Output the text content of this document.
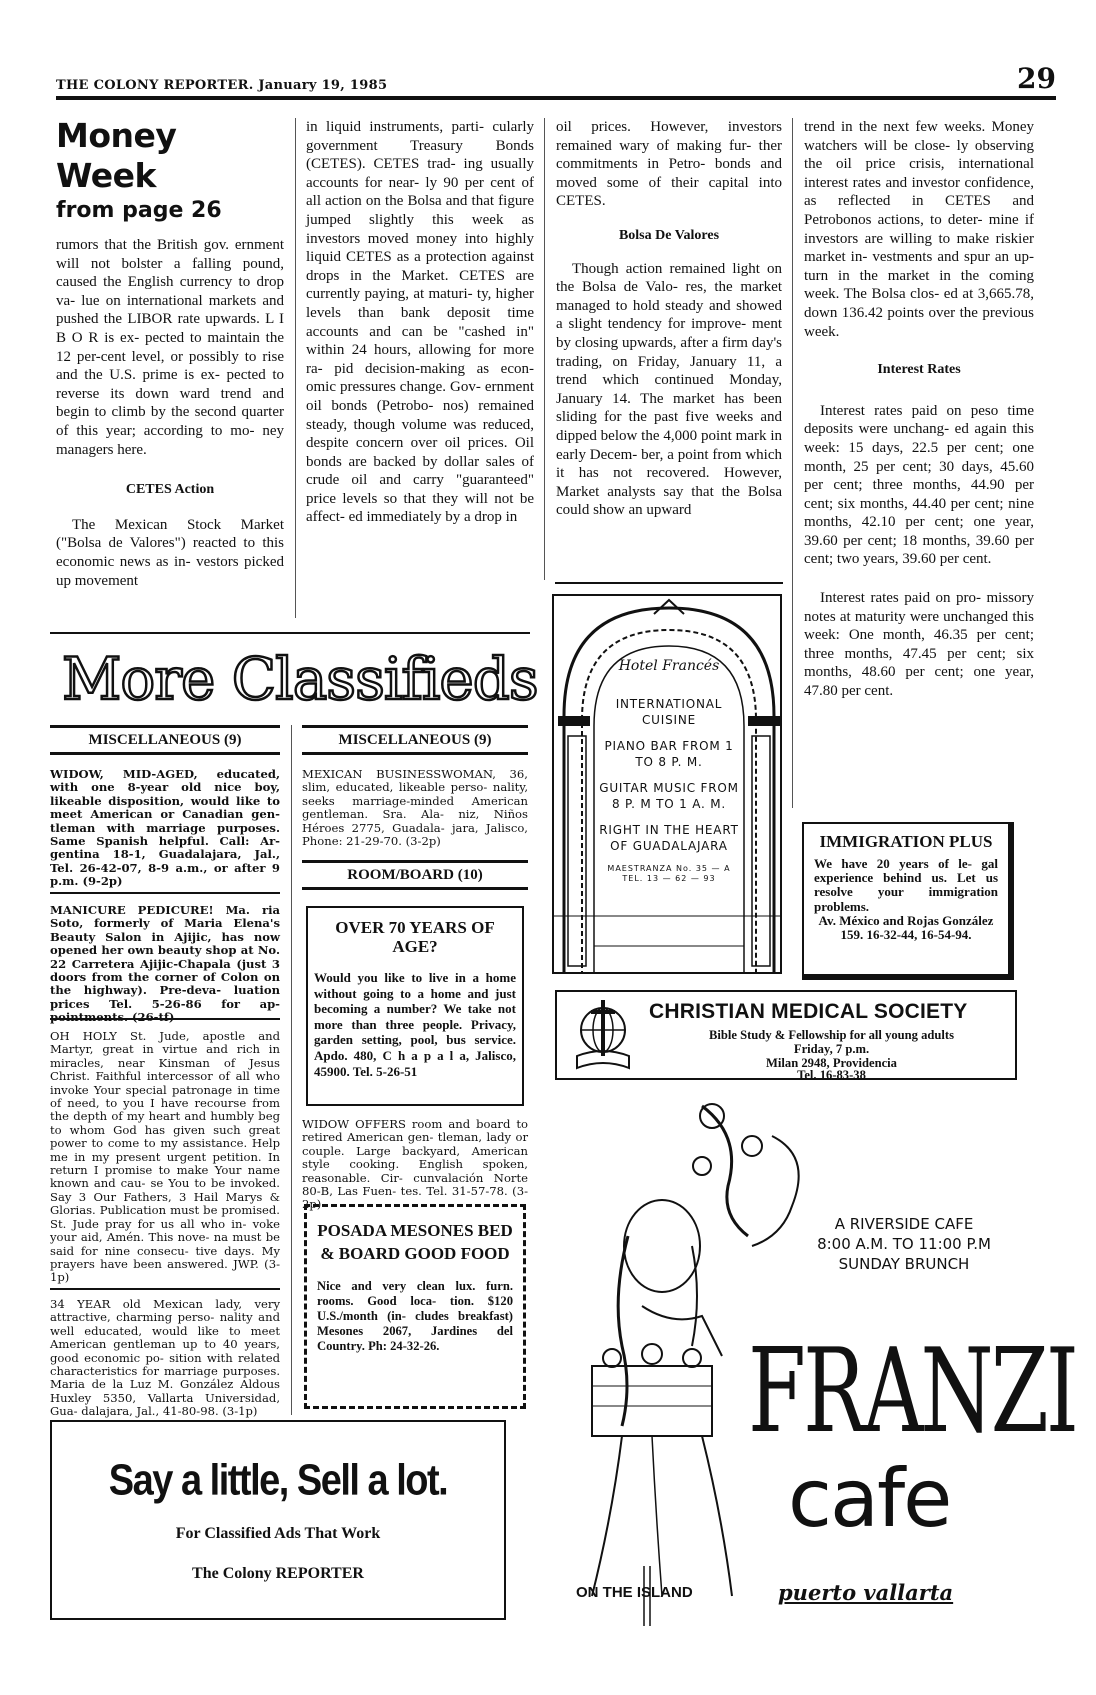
THE COLONY REPORTER. January 19, 1985	29
Money Week
from page 26

rumors that the British gov. ernment will not bolster a falling pound, caused the English currency to drop va- lue on international markets and pushed the LIBOR rate upwards. L I B O R is ex- pected to maintain the 12 per-cent level, or possibly to rise and the U.S. prime is ex- pected to reverse its down ward trend and begin to climb by the second quarter of this year; according to mo- ney managers here.

CETES Action

The Mexican Stock Market ("Bolsa de Valores") reacted to this economic news as in- vestors picked up movement

in liquid instruments, parti- cularly government Treasury Bonds (CETES). CETES trad- ing usually accounts for near- ly 90 per cent of all action on the Bolsa and that figure jumped slightly this week as investors moved money into highly liquid CETES as a protection against drops in the Market. CETES are currently paying, at maturi- ty, higher levels than bank deposit time accounts and can be "cashed in" within 24 hours, allowing for more ra- pid decision-making as econ- omic pressures change. Gov- ernment oil bonds (Petrobo- nos) remained steady, though volume was reduced, despite concern over oil prices. Oil bonds are backed by dollar sales of crude oil and carry "guaranteed" price levels so that they will not be affect- ed immediately by a drop in

oil prices. However, investors remained wary of making fur- ther commitments in Petro- bonds and moved some of their capital into CETES.

Bolsa De Valores

Though action remained light on the Bolsa de Valo- res, the market managed to hold steady and showed a slight tendency for improve- ment by closing upwards, after a firm day's trading, on Friday, January 11, a trend which continued Monday, January 14. The market has been sliding for the past five weeks and dipped below the 4,000 point mark in early Decem- ber, a point from which it has not recovered. However, Market analysts say that the Bolsa could show an upward

trend in the next few weeks. Money watchers will be close- ly observing the oil price crisis, international interest rates and investor confidence, as reflected in CETES and Petrobonos actions, to deter- mine if investors are willing to make riskier market in- vestments and spur an up- turn in the market in the coming week. The Bolsa clos- ed at 3,665.78, down 136.42 points over the previous week.

Interest Rates

Interest rates paid on peso time deposits were unchang- ed again this week: 15 days, 22.5 per cent; one month, 25 per cent; 30 days, 45.60 per cent; three months, 44.90 per cent; six months, 44.40 per cent; nine months, 42.10 per cent; one year, 39.60 per cent; 18 months, 39.60 per cent; two years, 39.60 per cent.

Interest rates paid on pro- missory notes at maturity were unchanged this week: One month, 46.35 per cent; three months, 47.45 per cent; six months, 48.60 per cent; one year, 47.80 per cent.

More Classifieds
MISCELLANEOUS (9)	MISCELLANEOUS (9)
WIDOW, MID-AGED, educated, with one 8-year old nice boy, likeable disposition, would like to meet American or Canadian gen- tleman with marriage purposes. Same Spanish helpful. Call: Ar- gentina 18-1, Guadalajara, Jal., Tel. 26-42-07, 8-9 a.m., or after 9 p.m. (9-2p)
MANICURE PEDICURE! Ma. ria Soto, formerly of Maria Elena's Beauty Salon in Ajijic, has now opened her own beauty shop at No. 22 Carretera Ajijic-Chapala (just 3 doors from the corner of Colon on the highway). Pre-deva- luation prices Tel. 5-26-86 for ap-
OH HOLY St. Jude, apostle and Martyr, great in virtue and rich in miracles, near Kinsman of Jesus Christ. Faithful intercessor of all who invoke Your special patronage in time of need, to you I have recourse from the depth of my heart and humbly beg to whom God has given such great power to come to my assistance. Help me in my present urgent petition. In return I promise to make Your name known and cau- se You to be invoked. Say 3 Our Fathers, 3 Hail Marys & Glorias. Publication must be promised. St. Jude pray for us all who in- voke your aid, Amén. This nove- na must be said for nine consecu- tive days. My prayers have been answered. JWP. (3-1p)
34 YEAR old Mexican lady, very attractive, charming perso- nality and well educated, would like to meet American gentleman up to 40 years, good economic po- sition with related characteristics for marriage purposes. Maria de la Luz M. González Aldous Huxley 5350, Vallarta Universidad, Gua- dalajara, Jal., 41-80-98. (3-1p)
MEXICAN BUSINESSWOMAN, 36, slim, educated, likeable perso- nality, seeks marriage-minded American gentleman. Sra. Ala- niz, Niños Héroes 2775, Guadala- jara, Jalisco, Phone: 21-29-70. (3-2p)
ROOM/BOARD (10)
OVER 70 YEARS OF AGE?
Would you like to live in a home without going to a home and just becoming a number? We take not more than three people. Privacy, garden setting, pool, bus service. Apdo. 480, C h a p a l a, Jalisco, 45900. Tel. 5-26-51
WIDOW OFFERS room and board to retired American gen- tleman, lady or couple. Large backyard, American style cooking. English spoken, reasonable. Cir- cunvalación Norte 80-B, Las Fuen- tes. Tel. 31-57-78. (3-2p)
POSADA MESONES BED & BOARD GOOD FOOD
Nice and very clean lux. furn. rooms. Good loca- tion. $120 U.S./month (in- cludes breakfast) Mesones 2067, Jardines del Country. Ph: 24-32-26.
Say a little, Sell a lot.
For Classified Ads That Work
The Colony REPORTER
Hotel Francés
INTERNATIONAL CUISINE
PIANO BAR FROM 1 TO 8 P. M.
GUITAR MUSIC FROM 8 P. M TO 1 A. M.
RIGHT IN THE HEART OF GUADALAJARA
MAESTRANZA No. 35 — A
TEL. 13 — 62 — 93
IMMIGRATION PLUS
We have 20 years of le- gal experience behind us. Let us resolve your immigration problems.
Av. México and Rojas González 159. 16-32-44, 16-54-94.
CHRISTIAN MEDICAL SOCIETY
Bible Study & Fellowship for all young adults
Friday, 7 p.m.
Milan 2948, Providencia
Tel. 16-83-38
A RIVERSIDE CAFE
8:00 A.M. TO 11:00 P.M
SUNDAY BRUNCH
FRANZI
cafe
ON THE ISLAND	puerto vallarta
